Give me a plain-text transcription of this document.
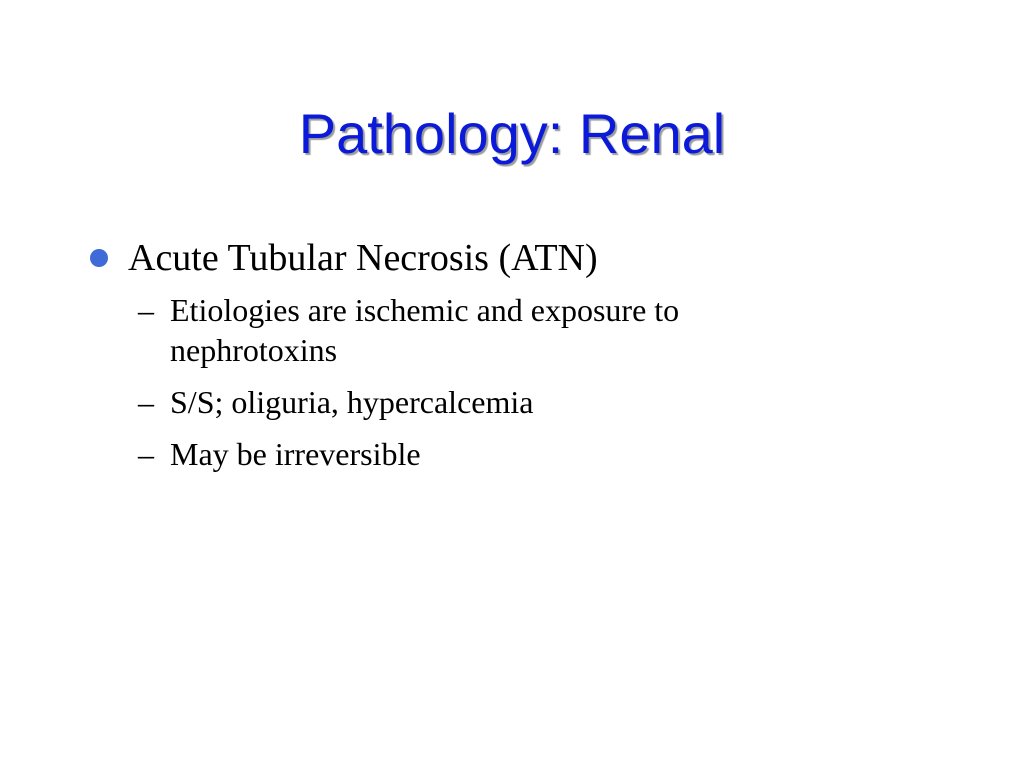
Pathology: Renal
Acute Tubular Necrosis (ATN)
– Etiologies are ischemic and exposure to nephrotoxins
– S/S; oliguria, hypercalcemia
– May be irreversible
